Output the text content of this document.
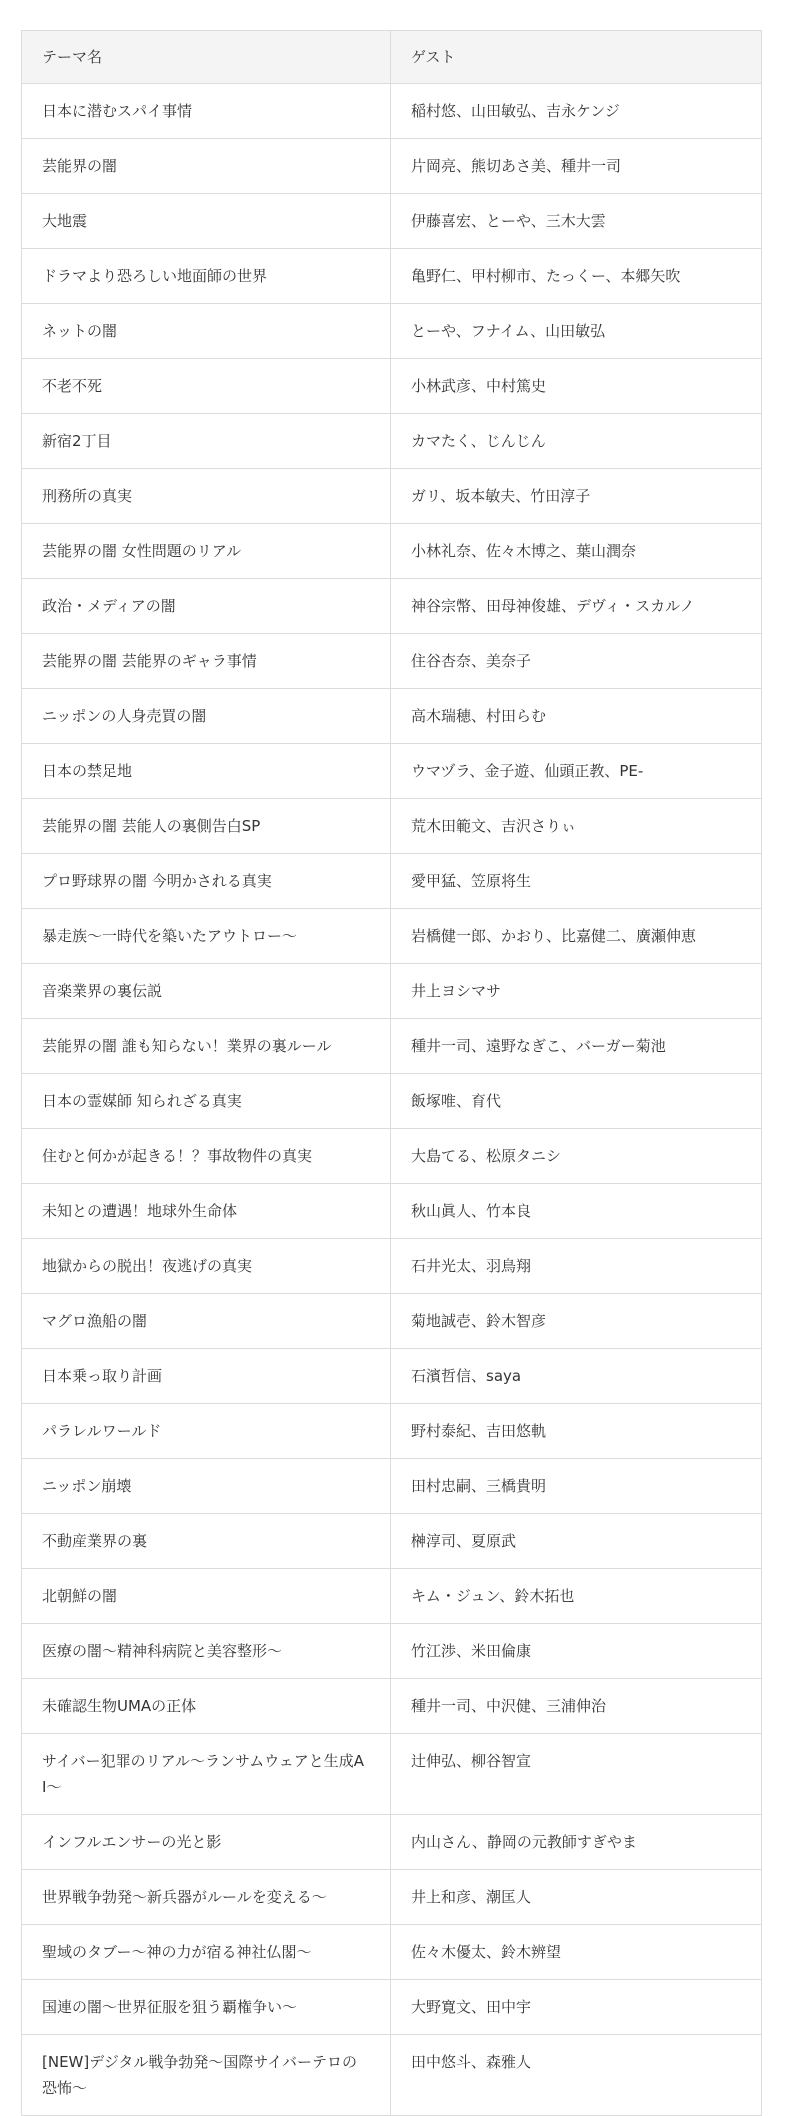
テーマ名	ゲスト
日本に潜むスパイ事情	稲村悠、山田敏弘、吉永ケンジ
芸能界の闇	片岡亮、熊切あさ美、種井一司
大地震	伊藤喜宏、とーや、三木大雲
ドラマより恐ろしい地面師の世界	亀野仁、甲村柳市、たっくー、本郷矢吹
ネットの闇	とーや、フナイム、山田敏弘
不老不死	小林武彦、中村篤史
新宿2丁目	カマたく、じんじん
刑務所の真実	ガリ、坂本敏夫、竹田淳子
芸能界の闇 女性問題のリアル	小林礼奈、佐々木博之、葉山潤奈
政治・メディアの闇	神谷宗幣、田母神俊雄、デヴィ・スカルノ
芸能界の闇 芸能界のギャラ事情	住谷杏奈、美奈子
ニッポンの人身売買の闇	高木瑞穂、村田らむ
日本の禁足地	ウマヅラ、金子遊、仙頭正教、PE-
芸能界の闇 芸能人の裏側告白SP	荒木田範文、吉沢さりぃ
プロ野球界の闇 今明かされる真実	愛甲猛、笠原将生
暴走族〜一時代を築いたアウトロー〜	岩橋健一郎、かおり、比嘉健二、廣瀬伸恵
音楽業界の裏伝説	井上ヨシマサ
芸能界の闇 誰も知らない！業界の裏ルール	種井一司、遠野なぎこ、バーガー菊池
日本の霊媒師 知られざる真実	飯塚唯、育代
住むと何かが起きる！？事故物件の真実	大島てる、松原タニシ
未知との遭遇！地球外生命体	秋山眞人、竹本良
地獄からの脱出！夜逃げの真実	石井光太、羽鳥翔
マグロ漁船の闇	菊地誠壱、鈴木智彦
日本乗っ取り計画	石濱哲信、saya
パラレルワールド	野村泰紀、吉田悠軌
ニッポン崩壊	田村忠嗣、三橋貴明
不動産業界の裏	榊淳司、夏原武
北朝鮮の闇	キム・ジュン、鈴木拓也
医療の闇〜精神科病院と美容整形〜	竹江渉、米田倫康
未確認生物UMAの正体	種井一司、中沢健、三浦伸治
サイバー犯罪のリアル〜ランサムウェアと生成AI〜	辻伸弘、柳谷智宣
インフルエンサーの光と影	内山さん、静岡の元教師すぎやま
世界戦争勃発〜新兵器がルールを変える〜	井上和彦、潮匡人
聖域のタブー〜神の力が宿る神社仏閣〜	佐々木優太、鈴木辨望
国連の闇〜世界征服を狙う覇権争い〜	大野寛文、田中宇
[NEW]デジタル戦争勃発〜国際サイバーテロの恐怖〜	田中悠斗、森雅人
